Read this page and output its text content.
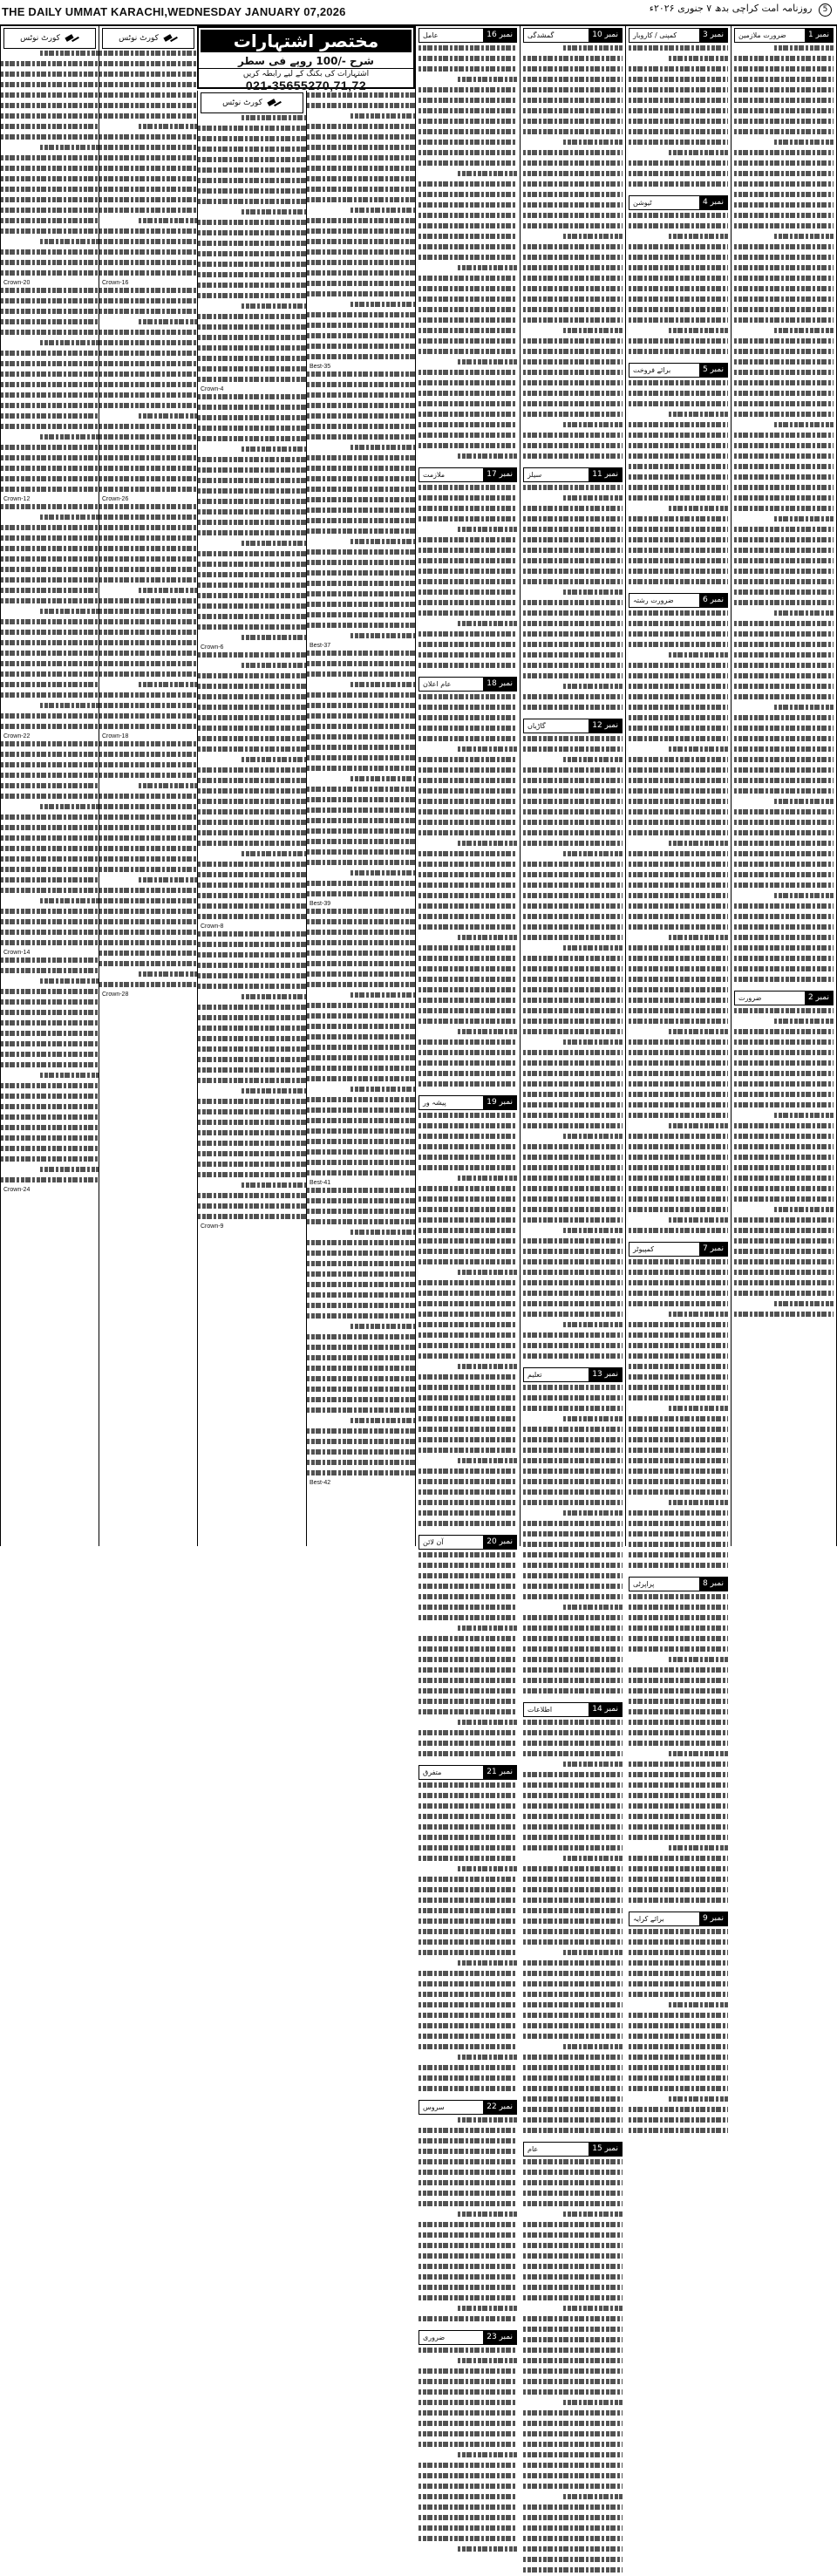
THE DAILY UMMAT KARACHI,WEDNESDAY JANUARY 07,2026	5 روزنامہ امت کراچی بدھ ۷ جنوری ۲۰۲۶ء
کورٹ نوٹس
Crown-20
Crown-12
Crown-22
Crown-14
Crown-24
کورٹ نوٹس
Crown-16
Crown-26
Crown-18
Crown-28
مختصر اشتہارات
شرح -/100 روپے فی سطر
اشتہارات کی بکنگ کے لیے رابطہ کریں
021-35655270,71,72
کورٹ نوٹس
Crown-4
Crown-6
Crown-8
Crown-9
Best-35
Best-37
Best-39
Best-41
Best-42
عامل	نمبر 16
ملازمت	نمبر 17
عام اعلان	نمبر 18
پیشہ ور	نمبر 19
آن لائن	نمبر 20
متفرق	نمبر 21
سروس	نمبر 22
ضروری	نمبر 23
گمشدگی	نمبر 10
سیلز	نمبر 11
گاڑیاں	نمبر 12
تعلیم	نمبر 13
اطلاعات	نمبر 14
عام	نمبر 15
کمپنی / کاروبار	نمبر 3
ٹیوشن	نمبر 4
برائے فروخت	نمبر 5
ضرورت رشتہ	نمبر 6
کمپیوٹر	نمبر 7
پراپرٹی	نمبر 8
برائے کرایہ	نمبر 9
ضرورت ملازمین	نمبر 1
ضرورت	نمبر 2
